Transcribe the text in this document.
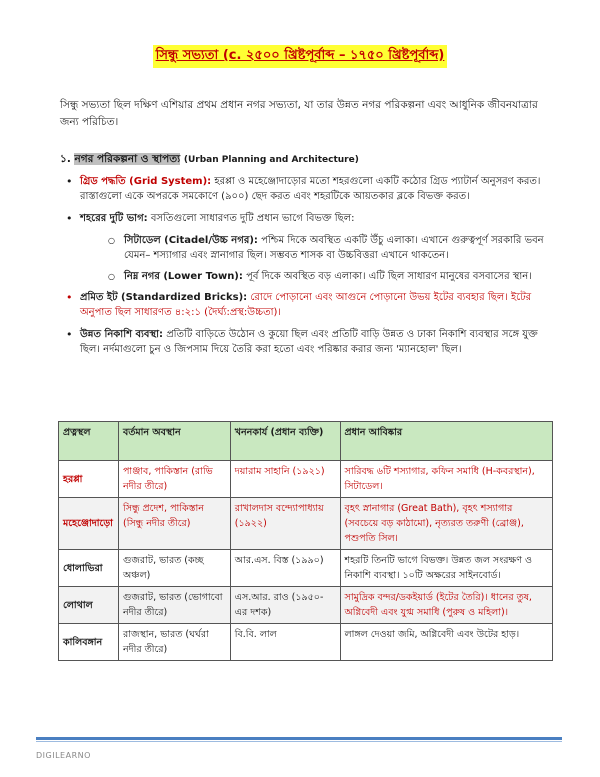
সিন্ধু সভ্যতা (c. ২৫০০ খ্রিষ্টপূর্বাব্দ – ১৭৫০ খ্রিষ্টপূর্বাব্দ)
সিন্ধু সভ্যতা ছিল দক্ষিণ এশিয়ার প্রথম প্রধান নগর সভ্যতা, যা তার উন্নত নগর পরিকল্পনা এবং আধুনিক জীবনযাত্রার জন্য পরিচিত।
১. নগর পরিকল্পনা ও স্থাপত্য (Urban Planning and Architecture)
• গ্রিড পদ্ধতি (Grid System): হরপ্পা ও মহেঞ্জোদাড়োর মতো শহরগুলো একটি কঠোর গ্রিড প্যাটার্ন অনুসরণ করত। রাস্তাগুলো একে অপরকে সমকোণে (৯০০) ছেদ করত এবং শহরটিকে আয়তকার ব্লকে বিভক্ত করত।
• শহরের দুটি ভাগ: বসতিগুলো সাধারণত দুটি প্রধান ভাগে বিভক্ত ছিল:
○ সিটাডেল (Citadel/উচ্চ নগর): পশ্চিম দিকে অবস্থিত একটি উঁচু এলাকা। এখানে গুরুত্বপূর্ণ সরকারি ভবন যেমন– শস্যাগার এবং স্নানাগার ছিল। সম্ভবত শাসক বা উচ্চবিত্তরা এখানে থাকতেন।
○ নিম্ন নগর (Lower Town): পূর্ব দিকে অবস্থিত বড় এলাকা। এটি ছিল সাধারণ মানুষের বসবাসের স্থান।
• প্রমিত ইট (Standardized Bricks): রোদে পোড়ানো এবং আগুনে পোড়ানো উভয় ইটের ব্যবহার ছিল। ইটের অনুপাত ছিল সাধারণত ৪:২:১ (দৈর্ঘ্য:প্রস্থ:উচ্চতা)।
• উন্নত নিকাশি ব্যবস্থা: প্রতিটি বাড়িতে উঠোন ও কুয়ো ছিল এবং প্রতিটি বাড়ি উন্নত ও ঢাকা নিকাশি ব্যবস্থার সঙ্গে যুক্ত ছিল। নর্দমাগুলো চুন ও জিপসাম দিয়ে তৈরি করা হতো এবং পরিষ্কার করার জন্য 'ম্যানহোল' ছিল।
প্রত্নস্থল	বর্তমান অবস্থান	খননকার্য (প্রধান ব্যক্তি)	প্রধান আবিষ্কার
হরপ্পা	পাঞ্জাব, পাকিস্তান (রাভি নদীর তীরে)	দয়ারাম সাহানি (১৯২১)	সারিবদ্ধ ৬টি শস্যাগার, কফিন সমাধি (H-কবরস্থান), সিটাডেল।
মহেঞ্জোদাড়ো	সিন্ধু প্রদেশ, পাকিস্তান (সিন্ধু নদীর তীরে)	রাখালদাস বন্দ্যোপাধ্যায় (১৯২২)	বৃহৎ স্নানাগার (Great Bath), বৃহৎ শস্যাগার (সবচেয়ে বড় কাঠামো), নৃত্যরত তরুণী (ব্রোঞ্জ), পশুপতি সিল।
ধোলাভিরা	গুজরাট, ভারত (কচ্ছ অঞ্চল)	আর.এস. বিস্ত (১৯৯০)	শহরটি তিনটি ভাগে বিভক্ত। উন্নত জল সংরক্ষণ ও নিকাশি ব্যবস্থা। ১০টি অক্ষরের সাইনবোর্ড।
লোথাল	গুজরাট, ভারত (ভোগাবো নদীর তীরে)	এস.আর. রাও (১৯৫০-এর দশক)	সামুদ্রিক বন্দর/ডকইয়ার্ড (ইটের তৈরি)। ধানের তুষ, অগ্নিবেদী এবং যুগ্ম সমাধি (পুরুষ ও মহিলা)।
কালিবঙ্গান	রাজস্থান, ভারত (ঘর্ঘরা নদীর তীরে)	বি.বি. লাল	লাঙ্গল দেওয়া জমি, অগ্নিবেদী এবং উটের হাড়।
DIGILEARNO
